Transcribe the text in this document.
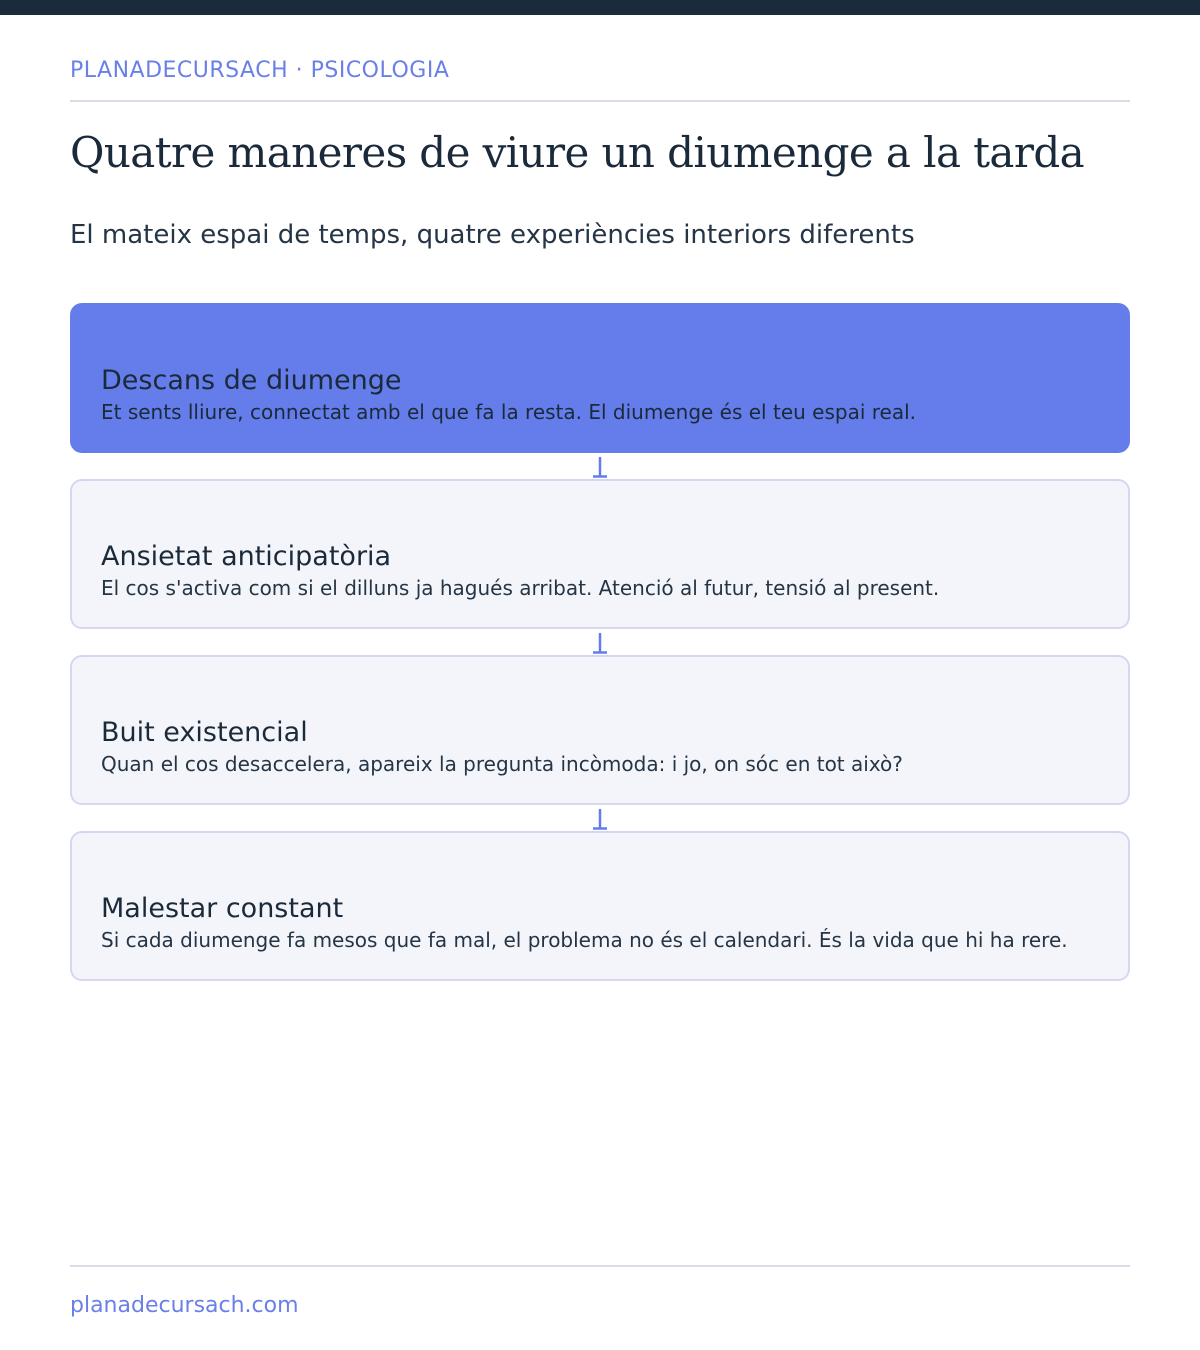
PLANADECURSACH · PSICOLOGIA
Quatre maneres de viure un diumenge a la tarda

El mateix espai de temps, quatre experiències interiors diferents

Descans de diumenge
Et sents lliure, connectat amb el que fa la resta. El diumenge és el teu espai real.
Ansietat anticipatòria
El cos s'activa com si el dilluns ja hagués arribat. Atenció al futur, tensió al present.
Buit existencial
Quan el cos desaccelera, apareix la pregunta incòmoda: i jo, on sóc en tot això?
Malestar constant
Si cada diumenge fa mesos que fa mal, el problema no és el calendari. És la vida que hi ha rere.
planadecursach.com
